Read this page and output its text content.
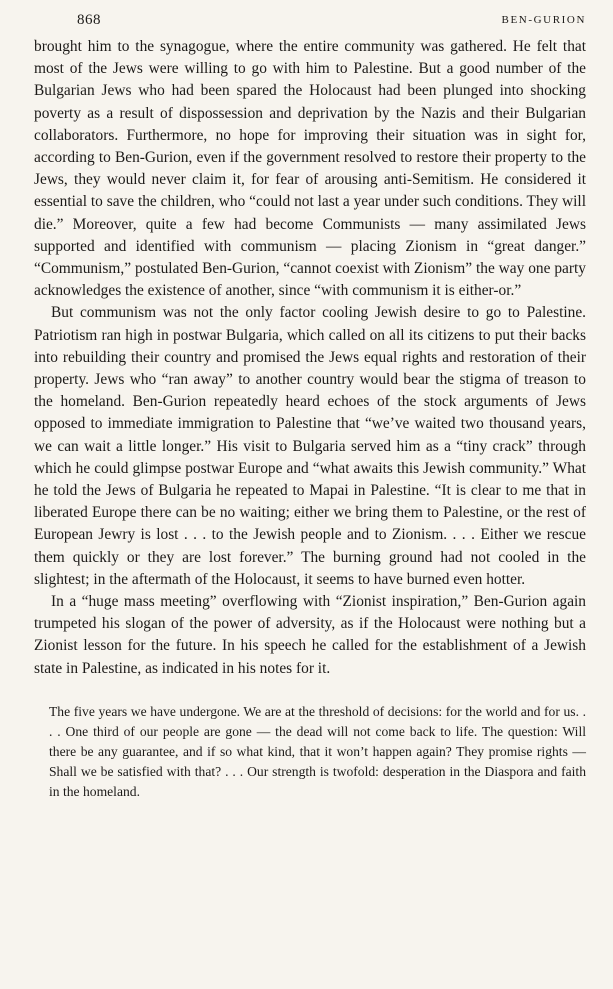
868	BEN-GURION

brought him to the synagogue, where the entire community was gathered. He felt that most of the Jews were willing to go with him to Palestine. But a good number of the Bulgarian Jews who had been spared the Holocaust had been plunged into shocking poverty as a result of dispossession and deprivation by the Nazis and their Bulgarian collaborators. Furthermore, no hope for improving their situation was in sight for, according to Ben-Gurion, even if the government resolved to restore their property to the Jews, they would never claim it, for fear of arousing anti-Semitism. He considered it essential to save the children, who “could not last a year under such conditions. They will die.” Moreover, quite a few had become Communists — many assimilated Jews supported and identified with communism — placing Zionism in “great danger.” “Communism,” postulated Ben-Gurion, “cannot coexist with Zionism” the way one party acknowledges the existence of another, since “with communism it is either-or.”

But communism was not the only factor cooling Jewish desire to go to Palestine. Patriotism ran high in postwar Bulgaria, which called on all its citizens to put their backs into rebuilding their country and promised the Jews equal rights and restoration of their property. Jews who “ran away” to another country would bear the stigma of treason to the homeland. Ben-Gurion repeatedly heard echoes of the stock arguments of Jews opposed to immediate immigration to Palestine that “we’ve waited two thousand years, we can wait a little longer.” His visit to Bulgaria served him as a “tiny crack” through which he could glimpse postwar Europe and “what awaits this Jewish community.” What he told the Jews of Bulgaria he repeated to Mapai in Palestine. “It is clear to me that in liberated Europe there can be no waiting; either we bring them to Palestine, or the rest of European Jewry is lost . . . to the Jewish people and to Zionism. . . . Either we rescue them quickly or they are lost forever.” The burning ground had not cooled in the slightest; in the aftermath of the Holocaust, it seems to have burned even hotter.

In a “huge mass meeting” overflowing with “Zionist inspiration,” Ben-Gurion again trumpeted his slogan of the power of adversity, as if the Holocaust were nothing but a Zionist lesson for the future. In his speech he called for the establishment of a Jewish state in Palestine, as indicated in his notes for it.

The five years we have undergone. We are at the threshold of decisions: for the world and for us. . . . One third of our people are gone — the dead will not come back to life. The question: Will there be any guarantee, and if so what kind, that it won’t happen again? They promise rights — Shall we be satisfied with that? . . . Our strength is twofold: desperation in the Diaspora and faith in the homeland.
